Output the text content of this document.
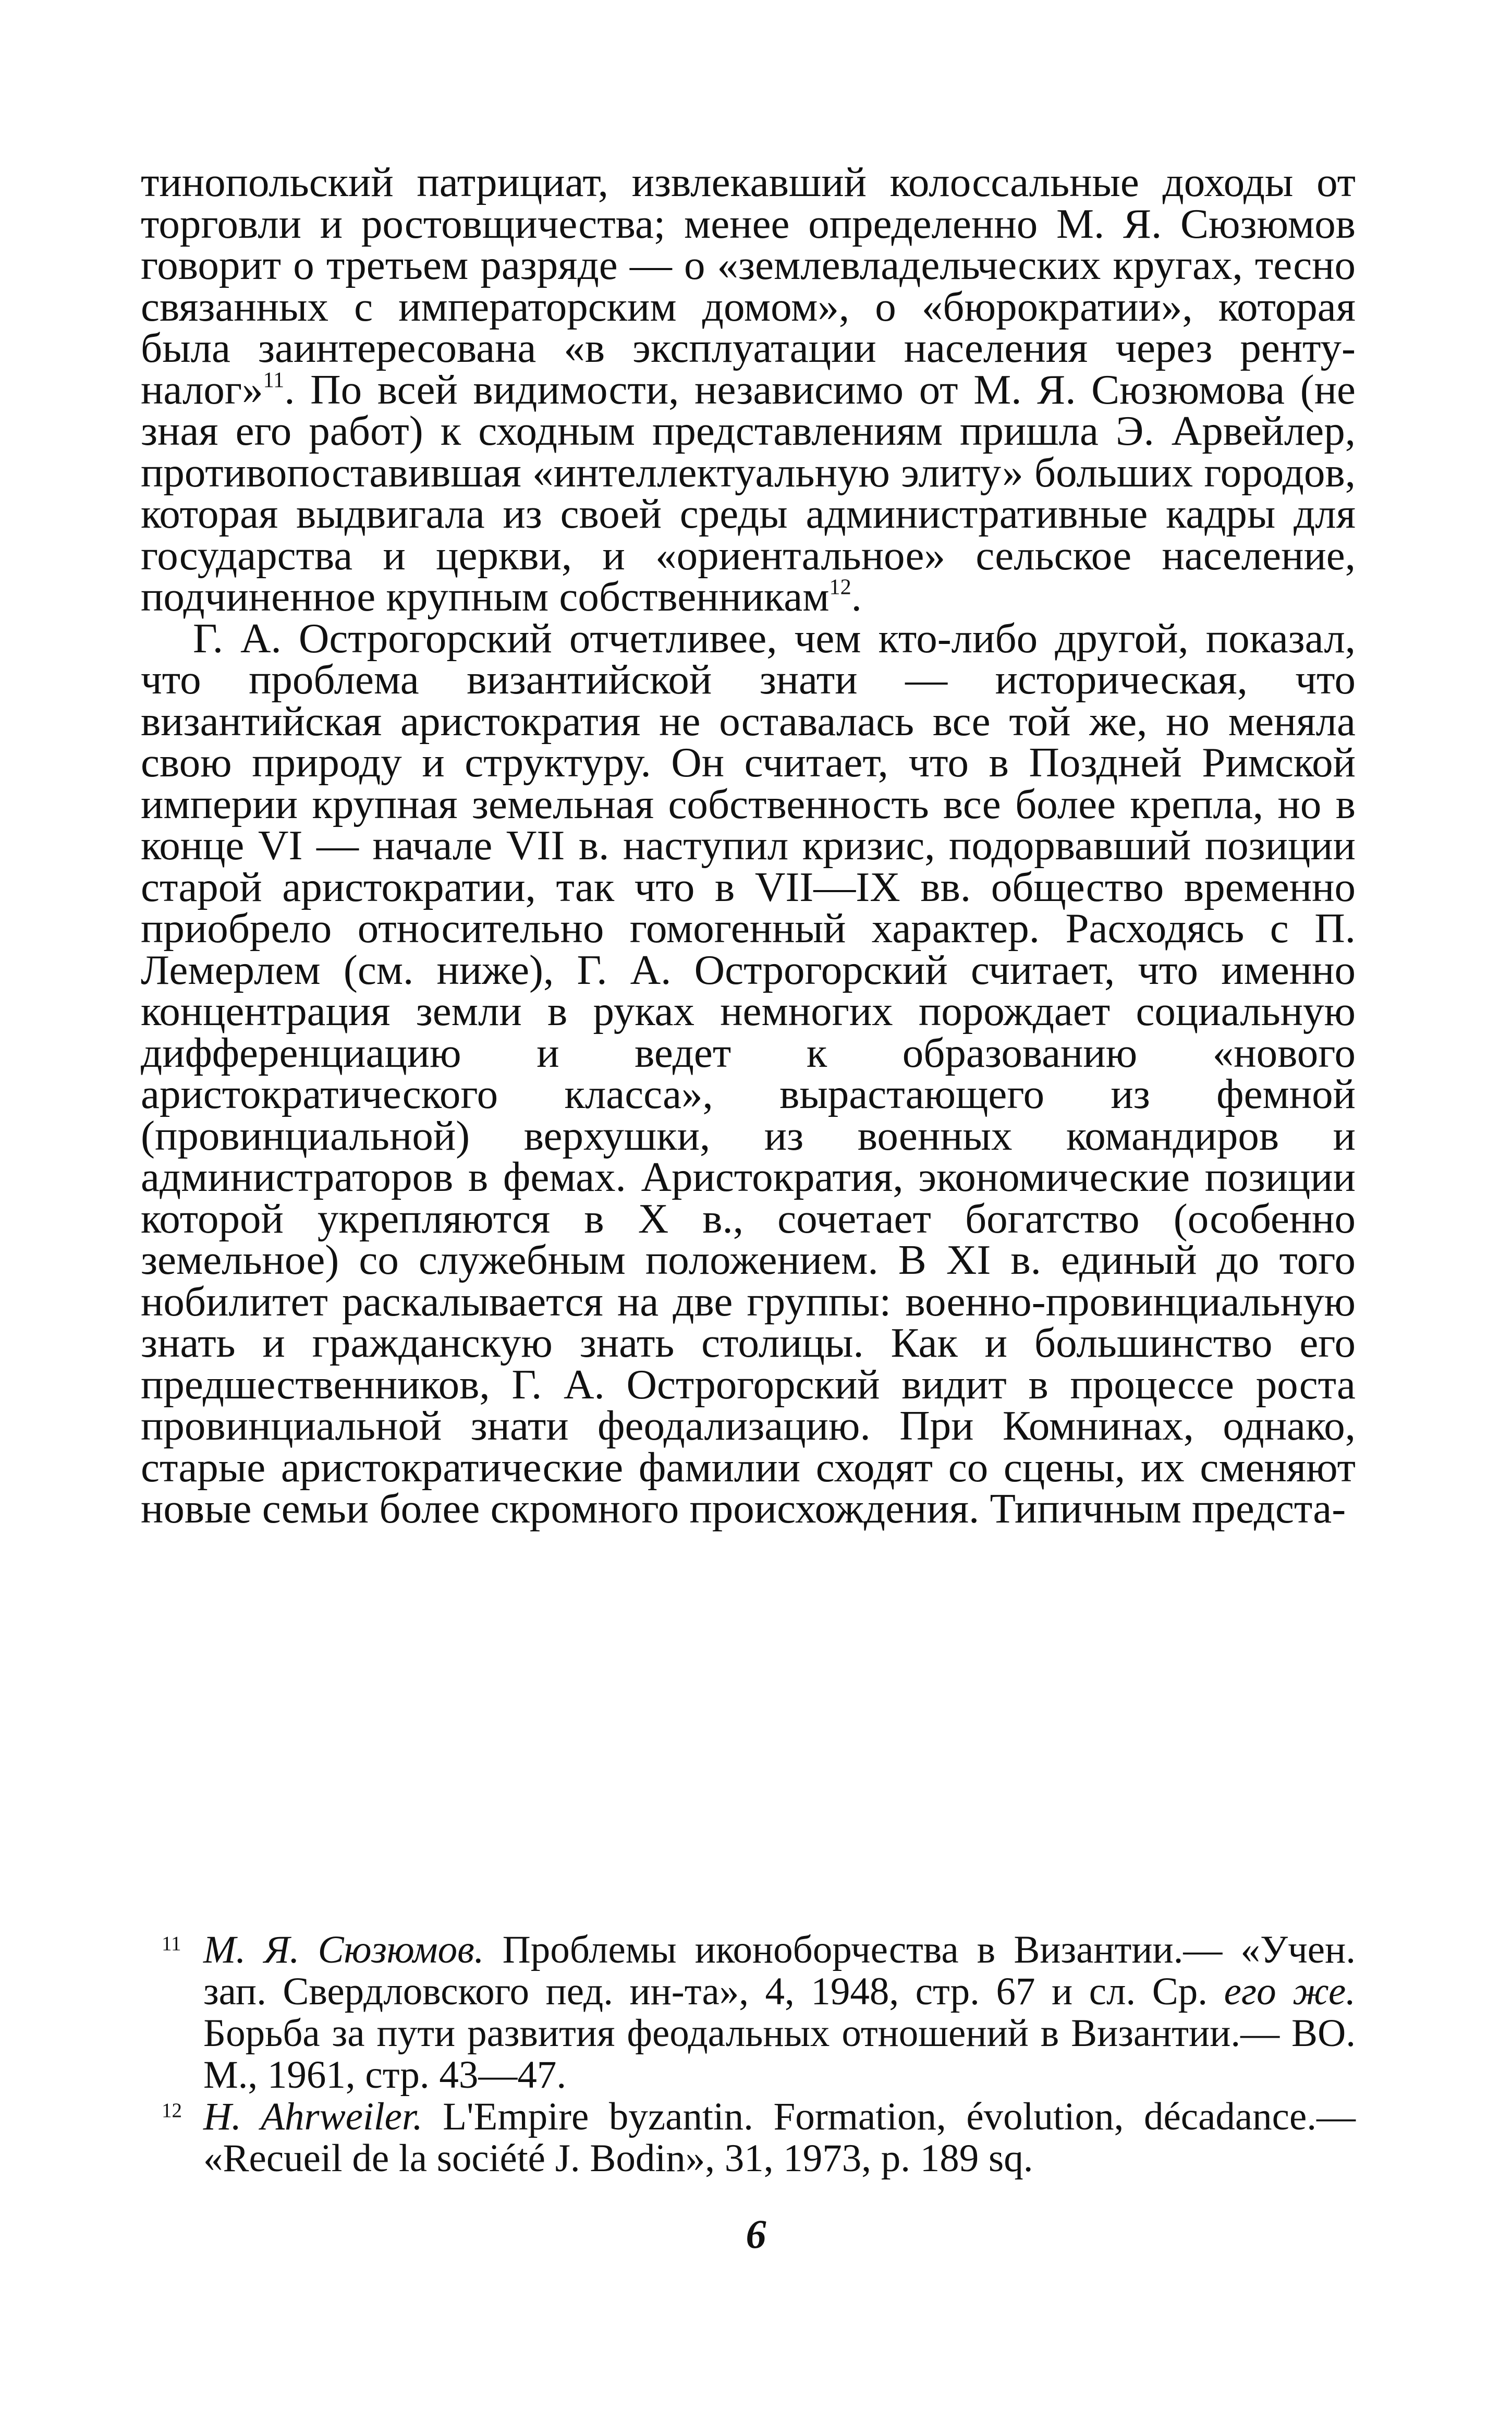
тинопольский патрициат, извлекавший колоссальные доходы от торговли и ростовщичества; менее определенно М. Я. Сюзюмов говорит о третьем разряде — о «землевладельческих кругах, тесно связанных с императорским домом», о «бюрократии», которая была заинтересована «в эксплуатации населения через ренту-налог»$^{11}$. По всей видимости, независимо от М. Я. Сюзюмова (не зная его работ) к сходным представлениям пришла Э. Арвейлер, противопоставившая «интеллектуальную элиту» больших городов, которая выдвигала из своей среды административные кадры для государства и церкви, и «ориентальное» сельское население, подчиненное крупным собственникам$^{12}$.

Г. А. Острогорский отчетливее, чем кто-либо другой, показал, что проблема византийской знати — историческая, что византийская аристократия не оставалась все той же, но меняла свою природу и структуру. Он считает, что в Поздней Римской империи крупная земельная собственность все более крепла, но в конце VI — начале VII в. наступил кризис, подорвавший позиции старой аристократии, так что в VII—IX вв. общество временно приобрело относительно гомогенный характер. Расходясь с П. Лемерлем (см. ниже), Г. А. Острогорский считает, что именно концентрация земли в руках немногих порождает социальную дифференциацию и ведет к образованию «нового аристократического класса», вырастающего из фемной (провинциальной) верхушки, из военных командиров и администраторов в фемах. Аристократия, экономические позиции которой укрепляются в X в., сочетает богатство (особенно земельное) со служебным положением. В XI в. единый до того нобилитет раскалывается на две группы: военно-провинциальную знать и гражданскую знать столицы. Как и большинство его предшественников, Г. А. Острогорский видит в процессе роста провинциальной знати феодализацию. При Комнинах, однако, старые аристократические фамилии сходят со сцены, их сменяют новые семьи более скромного происхождения. Типичным предста-

11 М. Я. Сюзюмов. Проблемы иконоборчества в Византии.— «Учен. зап. Свердловского пед. ин-та», 4, 1948, стр. 67 и сл. Ср. его же. Борьба за пути развития феодальных отношений в Византии.— ВО. М., 1961, стр. 43—47.

12 H. Ahrweiler. L'Empire byzantin. Formation, évolution, décadance.— «Recueil de la société J. Bodin», 31, 1973, p. 189 sq.

6
